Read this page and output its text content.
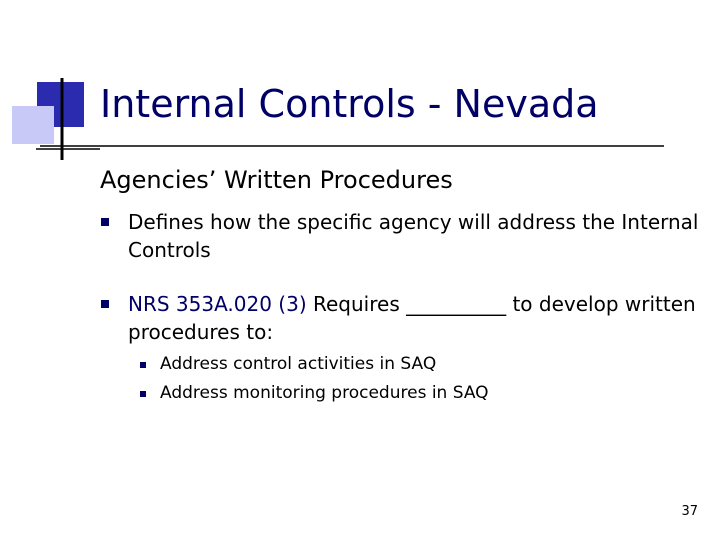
Internal Controls - Nevada
Agencies’ Written Procedures
Defines how the specific agency will address the Internal Controls
NRS 353A.020 (3) Requires __________ to develop written procedures to:
Address control activities in SAQ
Address monitoring procedures in SAQ
37
